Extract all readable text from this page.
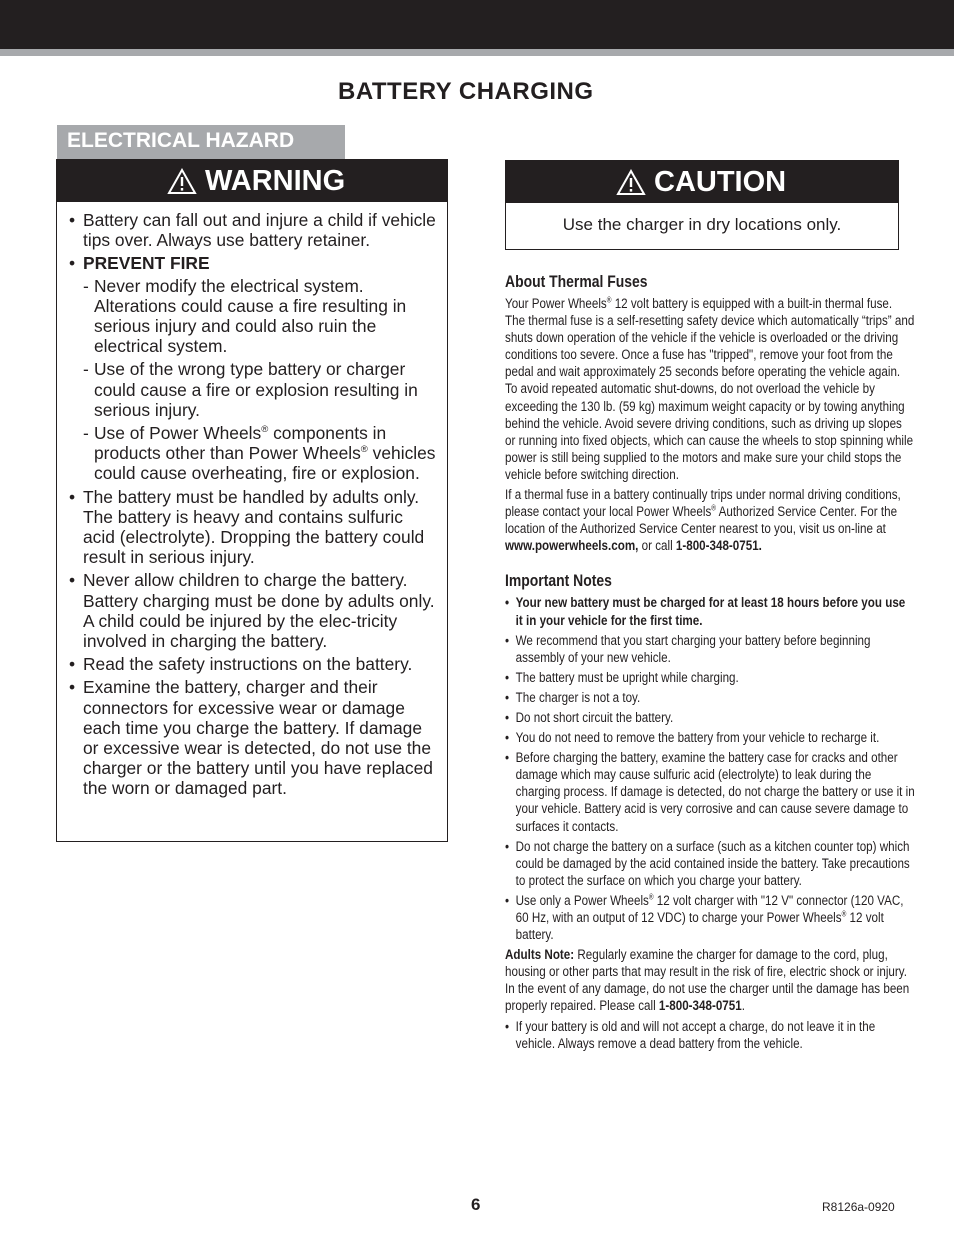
BATTERY CHARGING
ELECTRICAL HAZARD
WARNING
• Battery can fall out and injure a child if vehicle tips over. Always use battery retainer.
• PREVENT FIRE
- Never modify the electrical system. Alterations could cause a fire resulting in serious injury and could also ruin the electrical system.
- Use of the wrong type battery or charger could cause a fire or explosion resulting in serious injury.
- Use of Power Wheels® components in products other than Power Wheels® vehicles could cause overheating, fire or explosion.
• The battery must be handled by adults only. The battery is heavy and contains sulfuric acid (electrolyte). Dropping the battery could result in serious injury.
• Never allow children to charge the battery. Battery charging must be done by adults only. A child could be injured by the elec-tricity involved in charging the battery.
• Read the safety instructions on the battery.
• Examine the battery, charger and their connectors for excessive wear or damage each time you charge the battery. If damage or excessive wear is detected, do not use the charger or the battery until you have replaced the worn or damaged part.
CAUTION
Use the charger in dry locations only.
About Thermal Fuses

Your Power Wheels® 12 volt battery is equipped with a built-in thermal fuse. The thermal fuse is a self-resetting safety device which automatically “trips” and shuts down operation of the vehicle if the vehicle is overloaded or the driving conditions too severe. Once a fuse has "tripped", remove your foot from the pedal and wait approximately 25 seconds before operating the vehicle again. To avoid repeated automatic shut-downs, do not overload the vehicle by exceeding the 130 lb. (59 kg) maximum weight capacity or by towing anything behind the vehicle. Avoid severe driving conditions, such as driving up slopes or running into fixed objects, which can cause the wheels to stop spinning while power is still being supplied to the motors and make sure your child stops the vehicle before switching direction.

If a thermal fuse in a battery continually trips under normal driving conditions, please contact your local Power Wheels® Authorized Service Center. For the location of the Authorized Service Center nearest to you, visit us on-line at www.powerwheels.com, or call 1-800-348-0751.

Important Notes
• Your new battery must be charged for at least 18 hours before you use it in your vehicle for the first time.
• We recommend that you start charging your battery before beginning assembly of your new vehicle.
• The battery must be upright while charging.
• The charger is not a toy.
• Do not short circuit the battery.
• You do not need to remove the battery from your vehicle to recharge it.
• Before charging the battery, examine the battery case for cracks and other damage which may cause sulfuric acid (electrolyte) to leak during the charging process. If damage is detected, do not charge the battery or use it in your vehicle. Battery acid is very corrosive and can cause severe damage to surfaces it contacts.
• Do not charge the battery on a surface (such as a kitchen counter top) which could be damaged by the acid contained inside the battery. Take precautions to protect the surface on which you charge your battery.
• Use only a Power Wheels® 12 volt charger with "12 V" connector (120 VAC, 60 Hz, with an output of 12 VDC) to charge your Power Wheels® 12 volt battery.

Adults Note: Regularly examine the charger for damage to the cord, plug, housing or other parts that may result in the risk of fire, electric shock or injury. In the event of any damage, do not use the charger until the damage has been properly repaired. Please call 1-800-348-0751.

• If your battery is old and will not accept a charge, do not leave it in the vehicle. Always remove a dead battery from the vehicle.
6	R8126a-0920
